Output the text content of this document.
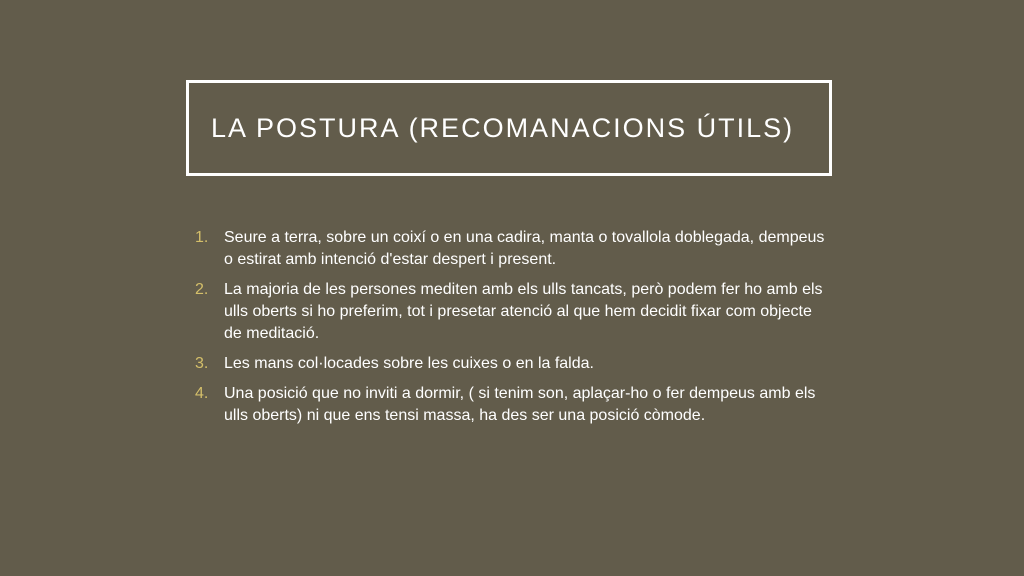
LA POSTURA (RECOMANACIONS ÚTILS)
1. Seure a terra, sobre un coixí o en una cadira, manta o tovallola doblegada, dempeus o estirat amb intenció d'estar despert i present.
2. La majoria de les persones mediten amb els ulls tancats, però podem fer ho amb els ulls oberts si ho preferim, tot i presetar atenció al que hem decidit fixar com objecte de meditació.
3. Les mans col·locades sobre les cuixes o en la falda.
4. Una posició que no inviti a dormir, ( si tenim son, aplaçar-ho o fer dempeus amb els ulls oberts) ni que ens tensi massa, ha des ser una posició còmode.
